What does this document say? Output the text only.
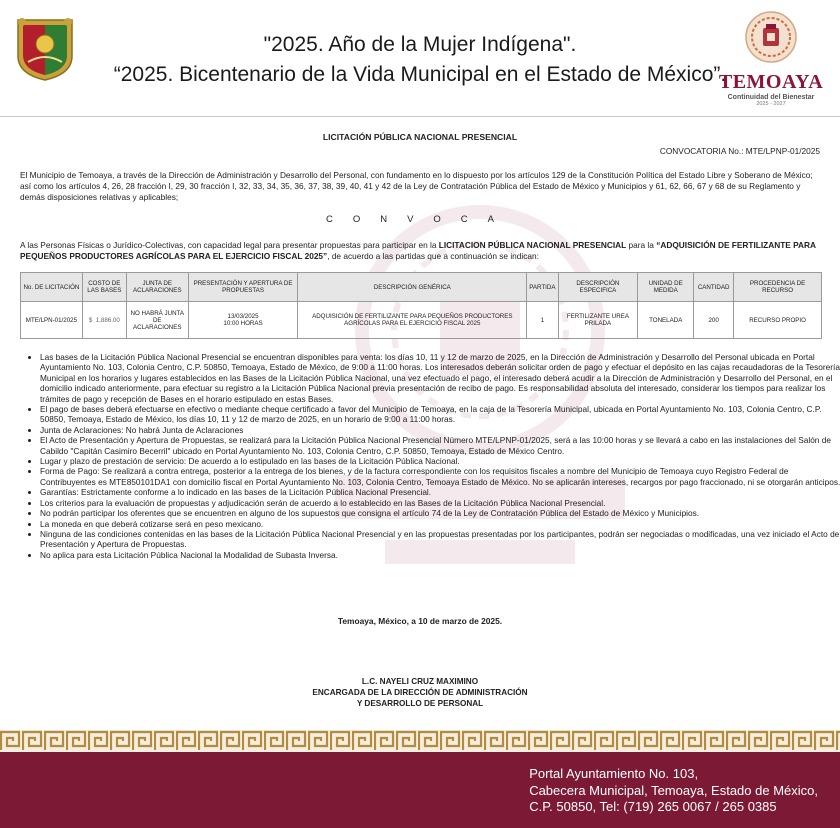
"2025. Año de la Mujer Indígena".
“2025. Bicentenario de la Vida Municipal en el Estado de México”.
TEMOAYA
Continuidad del Bienestar
2025 - 2027
LICITACIÓN PÚBLICA NACIONAL PRESENCIAL
CONVOCATORIA No.: MTE/LPNP-01/2025
El Municipio de Temoaya, a través de la Dirección de Administración y Desarrollo del Personal, con fundamento en lo dispuesto por los artículos 129 de la Constitución Política del Estado Libre y Soberano de México; así como los artículos 4, 26, 28 fracción I, 29, 30 fracción I, 32, 33, 34, 35, 36, 37, 38, 39, 40, 41 y 42 de la Ley de Contratación Pública del Estado de México y Municipios y 61, 62, 66, 67 y 68 de su Reglamento y demás disposiciones relativas y aplicables;
CONVOCA
A las Personas Físicas o Jurídico-Colectivas, con capacidad legal para presentar propuestas para participar en la LICITACION PÚBLICA NACIONAL PRESENCIAL para la “ADQUISICIÓN DE FERTILIZANTE PARA PEQUEÑOS PRODUCTORES AGRÍCOLAS PARA EL EJERCICIO FISCAL 2025”, de acuerdo a las partidas que a continuación se indican:
No. DE LICITACIÓN	COSTO DE LAS BASES	JUNTA DE ACLARACIONES	PRESENTACIÓN Y APERTURA DE PROPUESTAS	DESCRIPCIÓN GENÉRICA	PARTIDA	DESCRIPCIÓN ESPECIFICA	UNIDAD DE MEDIDA	CANTIDAD	PROCEDENCIA DE RECURSO
MTE/LPN-01/2025	$ 1,886.00	NO HABRÁ JUNTA DE ACLARACIONES	13/03/2025
10:00 HORAS	ADQUISICIÓN DE FERTILIZANTE PARA PEQUEÑOS PRODUCTORES AGRÍCOLAS PARA EL EJERCICIO FISCAL 2025	1	FERTILIZANTE UREA PRILADA	TONELADA	200	RECURSO PROPIO
• Las bases de la Licitación Pública Nacional Presencial se encuentran disponibles para venta: los días 10, 11 y 12 de marzo de 2025, en la Dirección de Administración y Desarrollo del Personal ubicada en Portal Ayuntamiento No. 103, Colonia Centro, C.P. 50850, Temoaya, Estado de México, de 9:00 a 11:00 horas. Los interesados deberán solicitar orden de pago y efectuar el depósito en las cajas recaudadoras de la Tesorería Municipal en los horarios y lugares establecidos en las Bases de la Licitación Pública Nacional, una vez efectuado el pago, el interesado deberá acudir a la Dirección de Administración y Desarrollo del Personal, en el domicilio indicado anteriormente, para efectuar su registro a la Licitación Pública Nacional previa presentación de recibo de pago. Es responsabilidad absoluta del interesado, considerar los tiempos para realizar los trámites de pago y recepción de Bases en el horario estipulado en estas Bases.
• El pago de bases deberá efectuarse en efectivo o mediante cheque certificado a favor del Municipio de Temoaya, en la caja de la Tesorería Municipal, ubicada en Portal Ayuntamiento No. 103, Colonia Centro, C.P. 50850, Temoaya, Estado de México, los días 10, 11 y 12 de marzo de 2025, en un horario de 9:00 a 11:00 horas.
• Junta de Aclaraciones: No habrá Junta de Aclaraciones
• El Acto de Presentación y Apertura de Propuestas, se realizará para la Licitación Pública Nacional Presencial Número MTE/LPNP-01/2025, será a las 10:00 horas y se llevará a cabo en las instalaciones del Salón de Cabildo "Capitán Casimiro Becerril" ubicado en Portal Ayuntamiento No. 103, Colonia Centro, C.P. 50850, Temoaya, Estado de México Centro.
• Lugar y plazo de prestación de servicio: De acuerdo a lo estipulado en las bases de la Licitación Pública Nacional.
• Forma de Pago: Se realizará a contra entrega, posterior a la entrega de los bienes, y de la factura correspondiente con los requisitos fiscales a nombre del Municipio de Temoaya cuyo Registro Federal de Contribuyentes es MTE850101DA1 con domicilio fiscal en Portal Ayuntamiento No. 103, Colonia Centro, Temoaya Estado de México. No se aplicarán intereses, recargos por pago fraccionado, ni se otorgarán anticipos.
• Garantías: Estrictamente conforme a lo indicado en las bases de la Licitación Pública Nacional Presencial.
• Los criterios para la evaluación de propuestas y adjudicación serán de acuerdo a lo establecido en las Bases de la Licitación Pública Nacional Presencial.
• No podrán participar los oferentes que se encuentren en alguno de los supuestos que consigna el artículo 74 de la Ley de Contratación Pública del Estado de México y Municipios.
• La moneda en que deberá cotizarse será en peso mexicano.
• Ninguna de las condiciones contenidas en las bases de la Licitación Pública Nacional Presencial y en las propuestas presentadas por los participantes, podrán ser negociadas o modificadas, una vez iniciado el Acto de Presentación y Apertura de Propuestas.
• No aplica para esta Licitación Pública Nacional la Modalidad de Subasta Inversa.
Temoaya, México, a 10 de marzo de 2025.
L.C. NAYELI CRUZ MAXIMINO
ENCARGADA DE LA DIRECCIÓN DE ADMINISTRACIÓN
Y DESARROLLO DE PERSONAL
Portal Ayuntamiento No. 103,
Cabecera Municipal, Temoaya, Estado de México,
C.P. 50850, Tel: (719) 265 0067 / 265 0385
